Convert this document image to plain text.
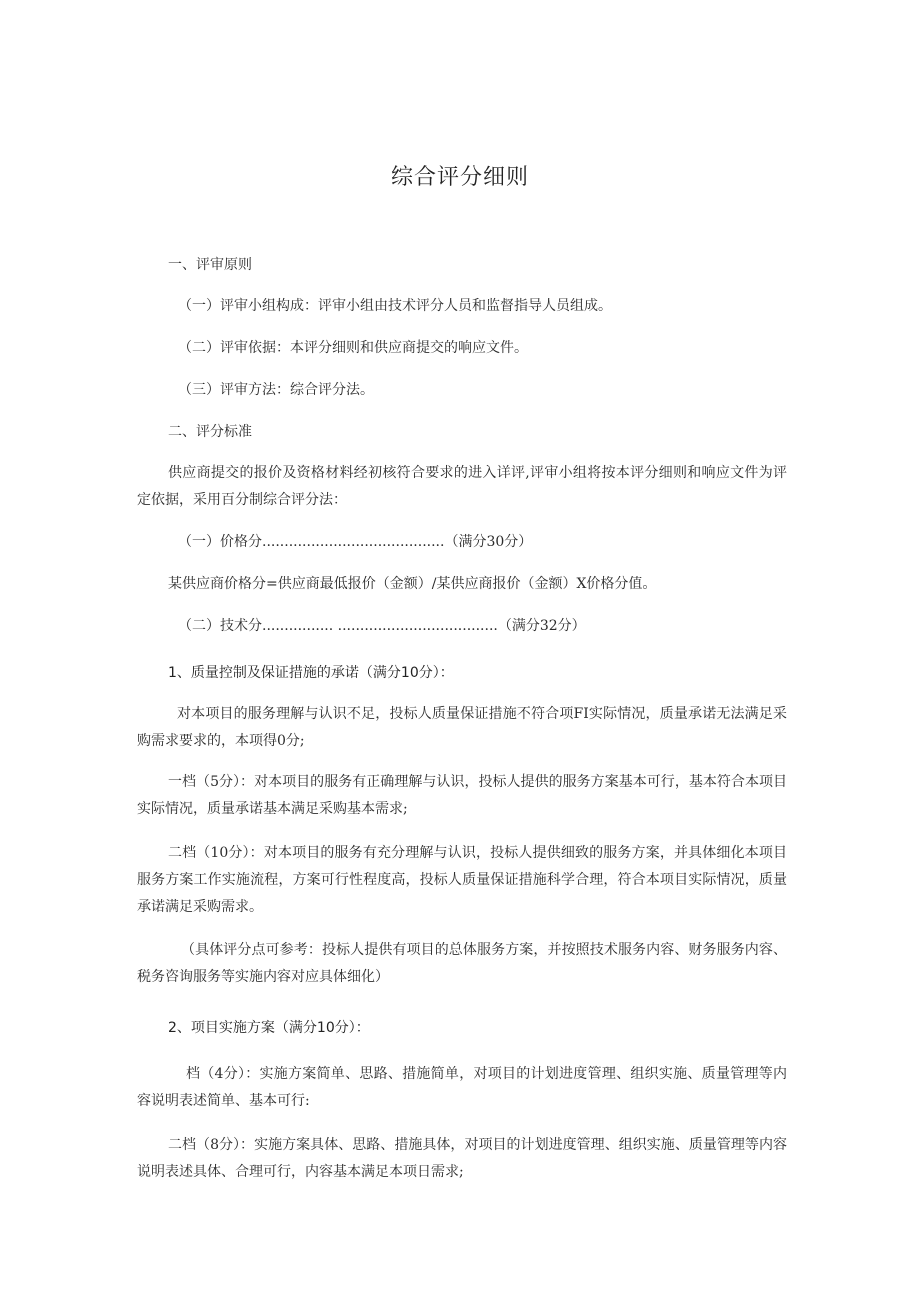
综合评分细则
一、评审原则
（一）评审小组构成：评审小组由技术评分人员和监督指导人员组成。
（二）评审依据：本评分细则和供应商提交的响应文件。
（三）评审方法：综合评分法。
二、评分标准
供应商提交的报价及资格材料经初核符合要求的进入详评,评审小组将按本评分细则和响应文件为评定依据，采用百分制综合评分法：
（一）价格分.........................................（满分30分）
某供应商价格分=供应商最低报价（金额）/某供应商报价（金额）X价格分值。
（二）技术分................ ....................................（满分32分）
1、质量控制及保证措施的承诺（满分10分）：
对本项目的服务理解与认识不足，投标人质量保证措施不符合项FI实际情况，质量承诺无法满足采购需求要求的，本项得0分;
一档（5分）：对本项目的服务有正确理解与认识，投标人提供的服务方案基本可行，基本符合本项目实际情况，质量承诺基本满足采购基本需求;
二档（10分）：对本项目的服务有充分理解与认识，投标人提供细致的服务方案，并具体细化本项目服务方案工作实施流程，方案可行性程度高，投标人质量保证措施科学合理，符合本项目实际情况，质量承诺满足采购需求。
（具体评分点可参考：投标人提供有项目的总体服务方案，并按照技术服务内容、财务服务内容、税务咨询服务等实施内容对应具体细化）
2、项目实施方案（满分10分）：
档（4分）：实施方案简单、思路、措施简单，对项目的计划进度管理、组织实施、质量管理等内容说明表述简单、基本可行:
二档（8分）：实施方案具体、思路、措施具体，对项目的计划进度管理、组织实施、质量管理等内容说明表述具体、合理可行，内容基本满足本项日需求;
